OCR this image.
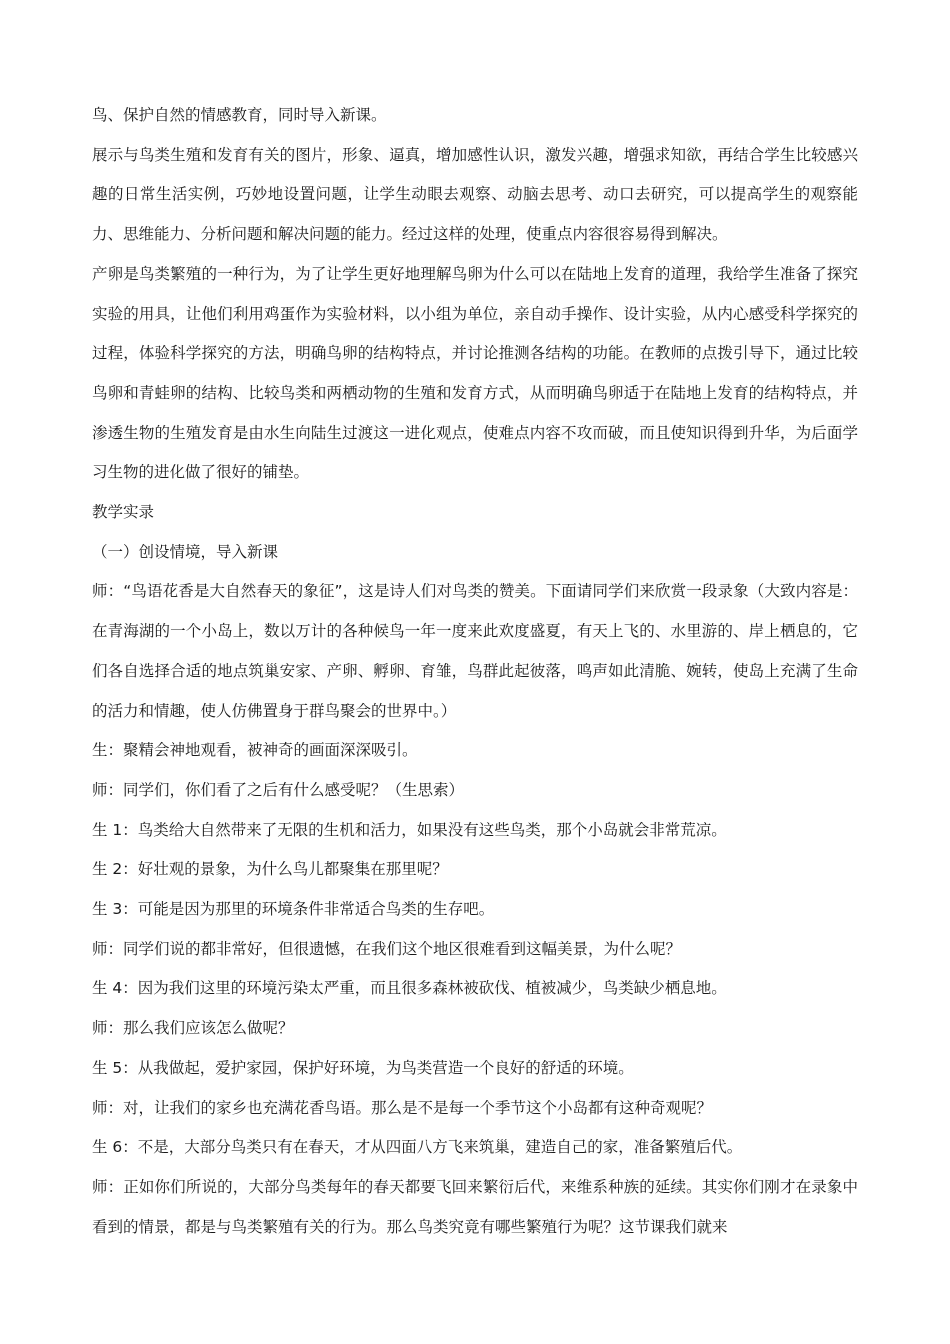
鸟、保护自然的情感教育，同时导入新课。

展示与鸟类生殖和发育有关的图片，形象、逼真，增加感性认识，激发兴趣，增强求知欲，再结合学生比较感兴趣的日常生活实例，巧妙地设置问题，让学生动眼去观察、动脑去思考、动口去研究，可以提高学生的观察能力、思维能力、分析问题和解决问题的能力。经过这样的处理，使重点内容很容易得到解决。

产卵是鸟类繁殖的一种行为，为了让学生更好地理解鸟卵为什么可以在陆地上发育的道理，我给学生准备了探究实验的用具，让他们利用鸡蛋作为实验材料，以小组为单位，亲自动手操作、设计实验，从内心感受科学探究的过程，体验科学探究的方法，明确鸟卵的结构特点，并讨论推测各结构的功能。在教师的点拨引导下，通过比较鸟卵和青蛙卵的结构、比较鸟类和两栖动物的生殖和发育方式，从而明确鸟卵适于在陆地上发育的结构特点，并渗透生物的生殖发育是由水生向陆生过渡这一进化观点，使难点内容不攻而破，而且使知识得到升华，为后面学习生物的进化做了很好的铺垫。

教学实录

（一）创设情境，导入新课

师：“鸟语花香是大自然春天的象征”，这是诗人们对鸟类的赞美。下面请同学们来欣赏一段录象（大致内容是：在青海湖的一个小岛上，数以万计的各种候鸟一年一度来此欢度盛夏，有天上飞的、水里游的、岸上栖息的，它们各自选择合适的地点筑巢安家、产卵、孵卵、育雏，鸟群此起彼落，鸣声如此清脆、婉转，使岛上充满了生命的活力和情趣，使人仿佛置身于群鸟聚会的世界中。）

生：聚精会神地观看，被神奇的画面深深吸引。

师：同学们，你们看了之后有什么感受呢？（生思索）

生 1：鸟类给大自然带来了无限的生机和活力，如果没有这些鸟类，那个小岛就会非常荒凉。

生 2：好壮观的景象，为什么鸟儿都聚集在那里呢？

生 3：可能是因为那里的环境条件非常适合鸟类的生存吧。

师：同学们说的都非常好，但很遗憾，在我们这个地区很难看到这幅美景，为什么呢？

生 4：因为我们这里的环境污染太严重，而且很多森林被砍伐、植被减少，鸟类缺少栖息地。

师：那么我们应该怎么做呢？

生 5：从我做起，爱护家园，保护好环境，为鸟类营造一个良好的舒适的环境。

师：对，让我们的家乡也充满花香鸟语。那么是不是每一个季节这个小岛都有这种奇观呢？

生 6：不是，大部分鸟类只有在春天，才从四面八方飞来筑巢，建造自己的家，准备繁殖后代。

师：正如你们所说的，大部分鸟类每年的春天都要飞回来繁衍后代，来维系种族的延续。其实你们刚才在录象中看到的情景，都是与鸟类繁殖有关的行为。那么鸟类究竟有哪些繁殖行为呢？这节课我们就来
